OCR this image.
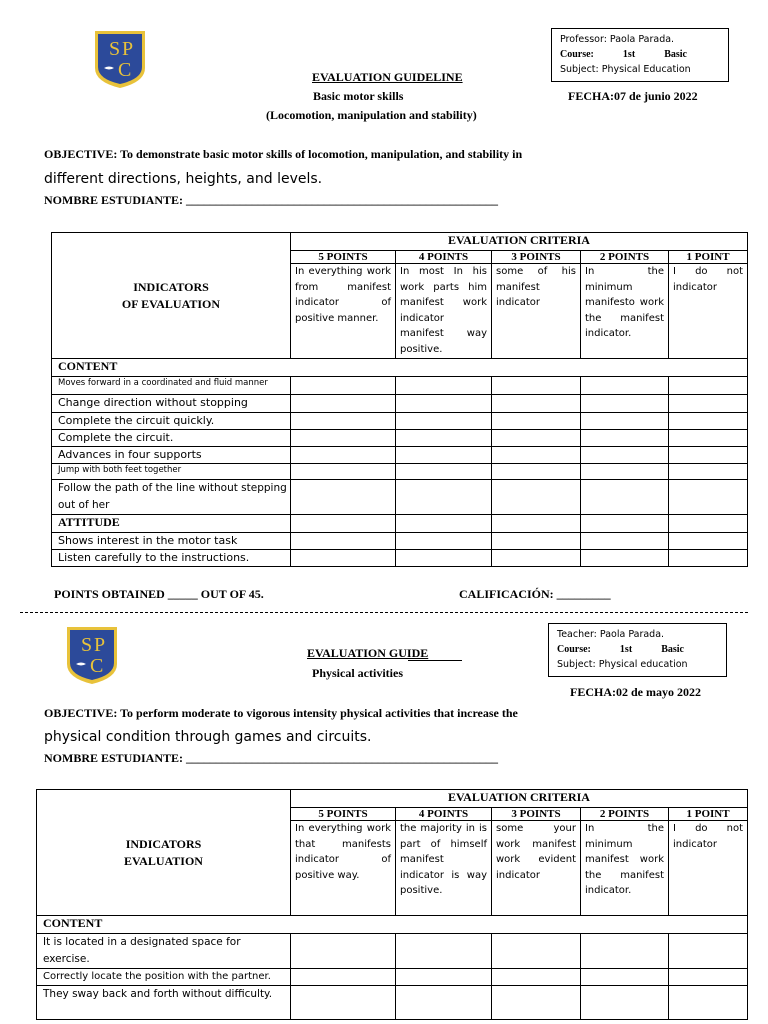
S P
C
Professor: Paola Parada.
Course:	1st	Basic
Subject: Physical Education
EVALUATION GUIDELINE
Basic motor skills
(Locomotion, manipulation and stability)
FECHA:07 de junio 2022
OBJECTIVE: To demonstrate basic motor skills of locomotion, manipulation, and stability in
different directions, heights, and levels.
NOMBRE ESTUDIANTE: ____________________________________________________
INDICATORS
OF EVALUATION	EVALUATION CRITERIA				
	5 POINTS	4 POINTS	3 POINTS	2 POINTS	1 POINT
	In everything work from manifest indicator of positive manner.	In most In his work parts him manifest work indicator manifest way positive.	some of his manifest indicator	In the minimum manifesto work the manifest indicator.	I do not indicator
CONTENT					
Moves forward in a coordinated and fluid manner					
Change direction without stopping					
Complete the circuit quickly.					
Complete the circuit.					
Advances in four supports					
Jump with both feet together					
Follow the path of the line without stepping out of her					
ATTITUDE					
Shows interest in the motor task					
Listen carefully to the instructions.					
POINTS OBTAINED _____ OUT OF 45.	CALIFICACIÓN: _________
S P
C
Teacher: Paola Parada.
Course:	1st	Basic
Subject: Physical education
EVALUATION GUIDE
Physical activities
FECHA:02 de mayo 2022
OBJECTIVE: To perform moderate to vigorous intensity physical activities that increase the
physical condition through games and circuits.
NOMBRE ESTUDIANTE: ____________________________________________________
INDICATORS
EVALUATION	EVALUATION CRITERIA				
	5 POINTS	4 POINTS	3 POINTS	2 POINTS	1 POINT
	In everything work that manifests indicator of positive way.	the majority in is part of himself manifest indicator is way positive.	some your work manifest work evident indicator	In the minimum manifest work the manifest indicator.	I do not indicator
CONTENT					
It is located in a designated space for exercise.					
Correctly locate the position with the partner.					
They sway back and forth without difficulty.					
